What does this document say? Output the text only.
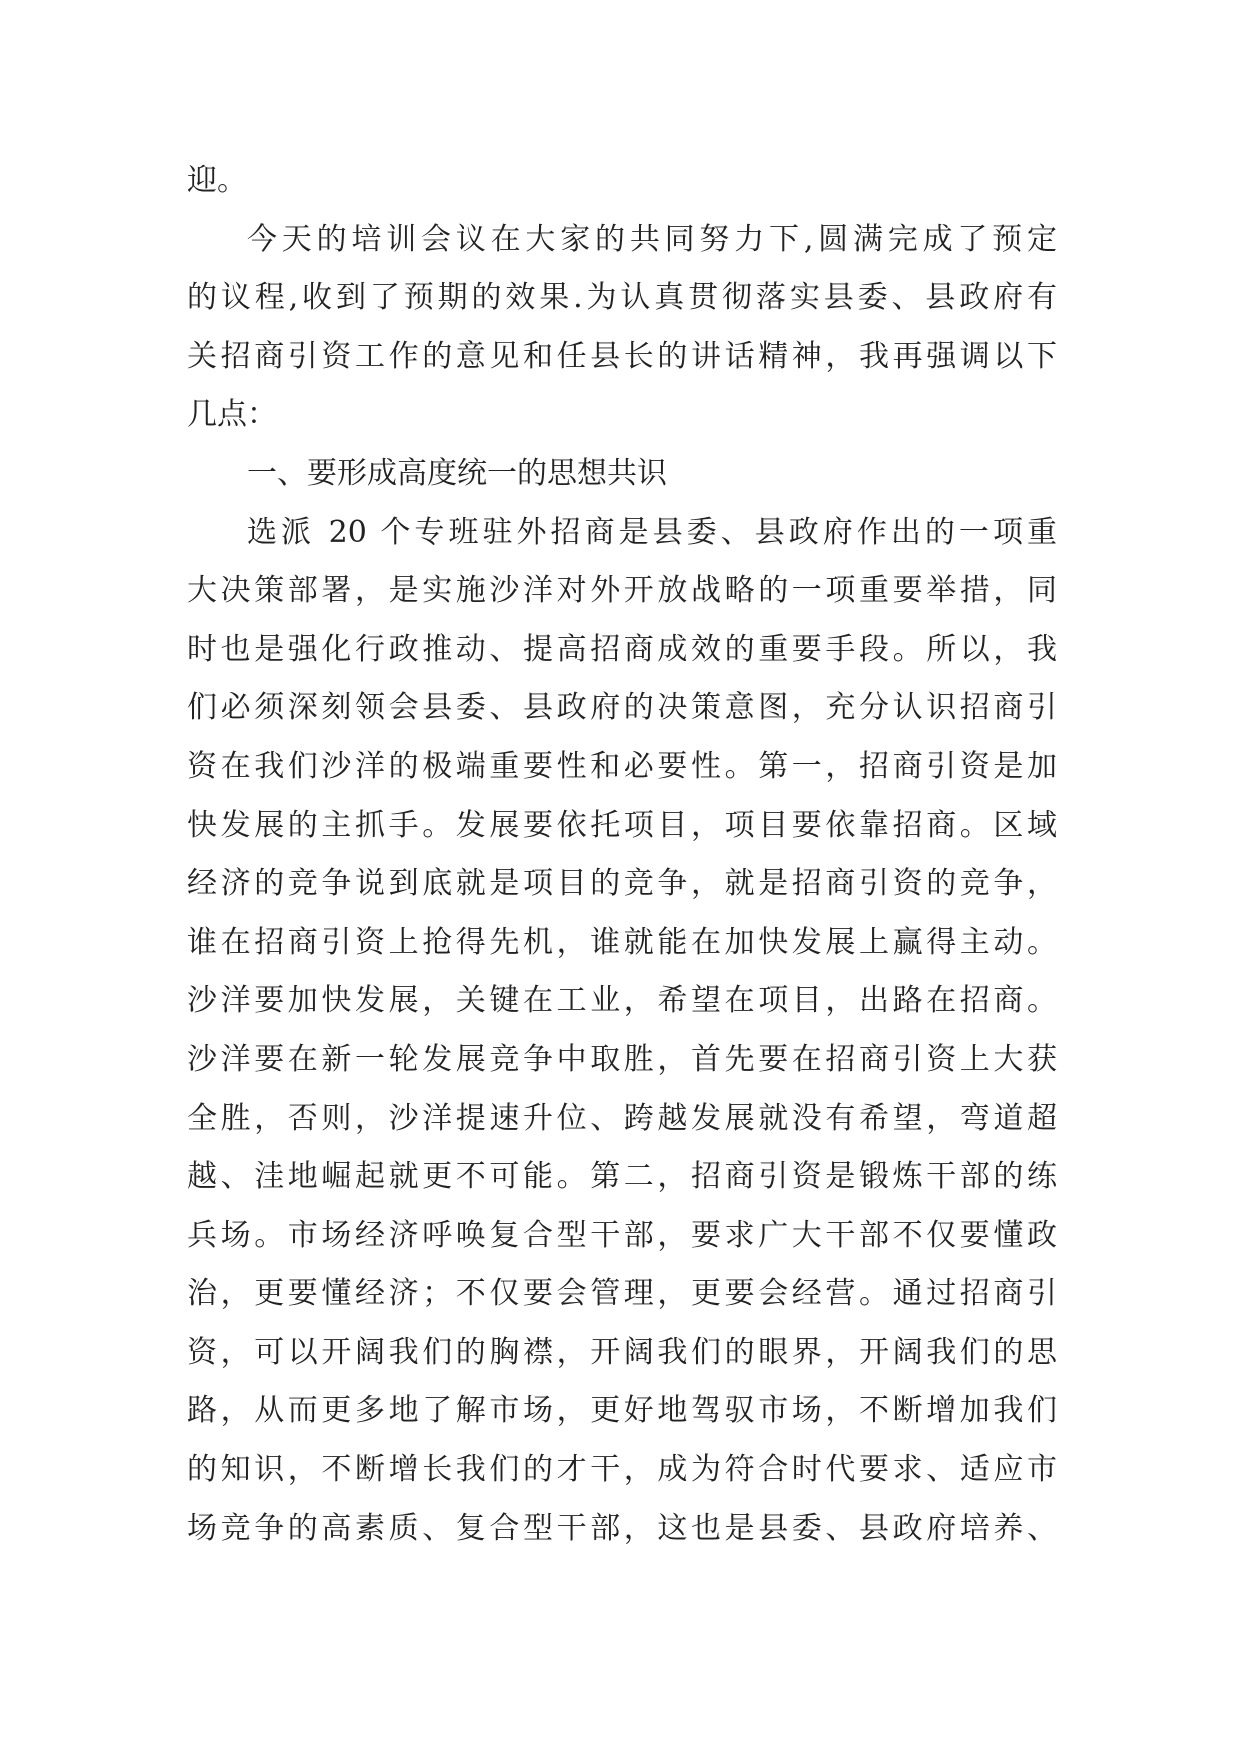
迎。
今天的培训会议在大家的共同努力下,圆满完成了预定
的议程,收到了预期的效果.为认真贯彻落实县委、县政府有
关招商引资工作的意见和任县长的讲话精神，我再强调以下
几点：
一、要形成高度统一的思想共识
选派 20 个专班驻外招商是县委、县政府作出的一项重
大决策部署，是实施沙洋对外开放战略的一项重要举措，同
时也是强化行政推动、提高招商成效的重要手段。所以，我
们必须深刻领会县委、县政府的决策意图，充分认识招商引
资在我们沙洋的极端重要性和必要性。第一，招商引资是加
快发展的主抓手。发展要依托项目，项目要依靠招商。区域
经济的竞争说到底就是项目的竞争，就是招商引资的竞争，
谁在招商引资上抢得先机，谁就能在加快发展上赢得主动。
沙洋要加快发展，关键在工业，希望在项目，出路在招商。
沙洋要在新一轮发展竞争中取胜，首先要在招商引资上大获
全胜，否则，沙洋提速升位、跨越发展就没有希望，弯道超
越、洼地崛起就更不可能。第二，招商引资是锻炼干部的练
兵场。市场经济呼唤复合型干部，要求广大干部不仅要懂政
治，更要懂经济；不仅要会管理，更要会经营。通过招商引
资，可以开阔我们的胸襟，开阔我们的眼界，开阔我们的思
路，从而更多地了解市场，更好地驾驭市场，不断增加我们
的知识，不断增长我们的才干，成为符合时代要求、适应市
场竞争的高素质、复合型干部，这也是县委、县政府培养、
